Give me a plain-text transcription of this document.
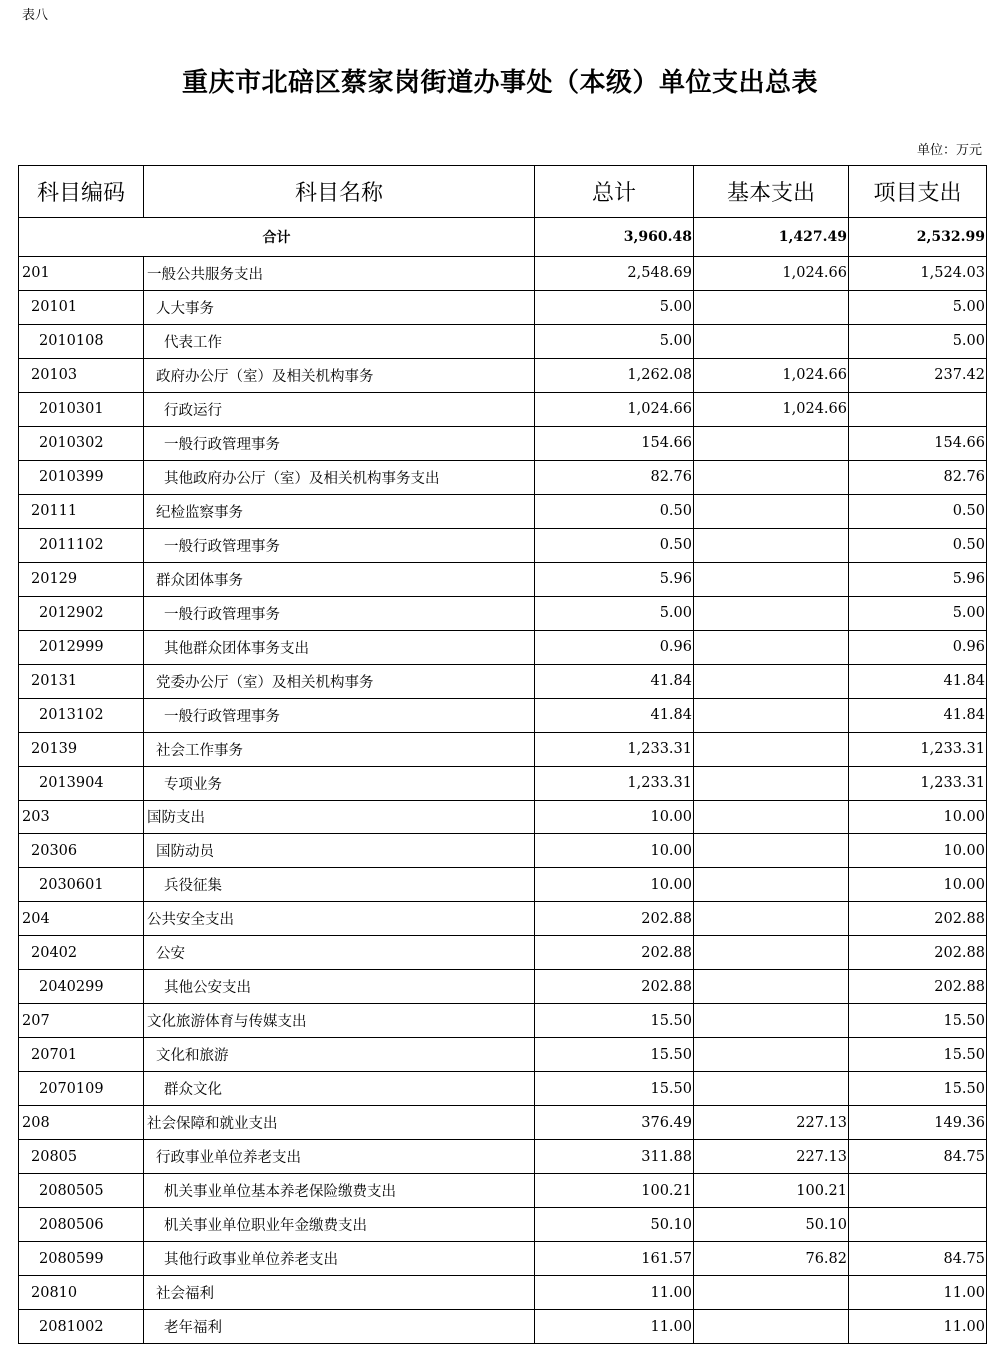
表八
重庆市北碚区蔡家岗街道办事处（本级）单位支出总表
单位：万元
科目编码	科目名称	总计	基本支出	项目支出
合计		3,960.48	1,427.49	2,532.99
201	一般公共服务支出	2,548.69	1,024.66	1,524.03
20101	人大事务	5.00		5.00
2010108	代表工作	5.00		5.00
20103	政府办公厅（室）及相关机构事务	1,262.08	1,024.66	237.42
2010301	行政运行	1,024.66	1,024.66	
2010302	一般行政管理事务	154.66		154.66
2010399	其他政府办公厅（室）及相关机构事务支出	82.76		82.76
20111	纪检监察事务	0.50		0.50
2011102	一般行政管理事务	0.50		0.50
20129	群众团体事务	5.96		5.96
2012902	一般行政管理事务	5.00		5.00
2012999	其他群众团体事务支出	0.96		0.96
20131	党委办公厅（室）及相关机构事务	41.84		41.84
2013102	一般行政管理事务	41.84		41.84
20139	社会工作事务	1,233.31		1,233.31
2013904	专项业务	1,233.31		1,233.31
203	国防支出	10.00		10.00
20306	国防动员	10.00		10.00
2030601	兵役征集	10.00		10.00
204	公共安全支出	202.88		202.88
20402	公安	202.88		202.88
2040299	其他公安支出	202.88		202.88
207	文化旅游体育与传媒支出	15.50		15.50
20701	文化和旅游	15.50		15.50
2070109	群众文化	15.50		15.50
208	社会保障和就业支出	376.49	227.13	149.36
20805	行政事业单位养老支出	311.88	227.13	84.75
2080505	机关事业单位基本养老保险缴费支出	100.21	100.21	
2080506	机关事业单位职业年金缴费支出	50.10	50.10	
2080599	其他行政事业单位养老支出	161.57	76.82	84.75
20810	社会福利	11.00		11.00
2081002	老年福利	11.00		11.00
